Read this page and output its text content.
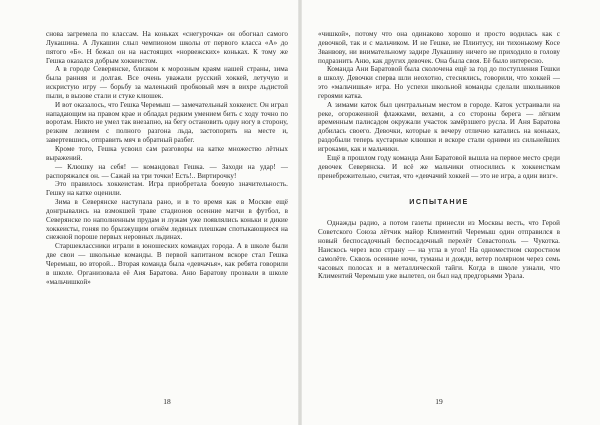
снова загремела по классам. На коньках «снегурочка» он обогнал самого Лукашина. А Лукашин слыл чемпионом школы от первого класса «А» до пятого «Б». Н бежал он на настоящих «норвежских» коньках. К тому же Гешка оказался добрым хоккеистом.

А в городе Северянске, близком к морозным краям нашей страны, зима была ранняя и долгая. Все очень уважали русский хоккей, летучую и искристую игру — борьбу за маленький пробковый мяч в вихре льдистой пыли, в вызове стали и стуке клюшек.

И вот оказалось, что Гешка Черемыш — замечательный хоккеист. Он играл нападающим на правом крае и обладал редким умением бить с ходу точно по воротам. Никто не умел так внезапно, на бегу остановить одну ногу в сторону, резким лезвием с полного разгона льда, застопорить на месте и, завертевшись, отправить мяч в обратный разбег.

Кроме того, Гешка усвоил сам разговоры на катке множество лётных выражений.

— Клюшку на себя! — командовал Гешка. — Заходи на удар! — распоряжался он. — Сажай на три точки! Есть!.. Виртирочку!

Это правилось хоккеистам. Игра приобретала боевую значительность. Гешку на катке оценили.

Зима в Северянске наступала рано, и в то время как в Москве ещё донгрывались на взмокшей траве стадионов осенние матчи в футбол, в Северянске по наполненным прудам и лужам уже появлялись коньки и дикие хоккеисты, гоняя по брызжущим огнём ледяных плешкам спотыкающиеся на снежной пороше первых неровных льдинах.

Старшеклассники играли в юношеских командах города. А в школе были две свои — школьные команды. В первой капитаном вскоре стал Гешка Черемыш, во второй... Вторая команда была «девчачья», как ребята говорили в школе. Организовала её Аня Баратова. Аню Баратову прозвали в школе «мальчишкой»

18

«чишкой», потому что она одинаково хорошо и просто водилась как с девочкой, так и с мальчиком. И не Гешке, не Плинтусу, ни тихонькому Косе Званвову, ни внимательному задире Лукашину ничего не приходило в голову подразнить Аню, как других девочек. Она была своя. Её было интересно.

Команда Ани Баратовой была сколочена ещё за год до поступления Гешки в школу. Девочки сперва шли неохотно, стеснялись, говорили, что хоккей — это «мальчишья» игра. Но успехи школьной команды сделали школьников героями катка.

А зимами каток был центральным местом в городе. Каток устраивали на реке, огороженной флажками, вехами, а со стороны берега — лёгким временным палисадом окружали участок замёрзшего русла. И Аня Баратова добилась своего. Девочки, которые к вечеру отлично катались на коньках, раздобыли теперь кустарные клюшки и вскоре стали одними из сильнейших игроками, как и мальчики.

Ещё в прошлом году команда Ани Баратовой вышла на первое место среди девочек Северянска. И всё же мальчики относились к хоккеисткам пренебрежительно, считая, что «девчачий хоккей — это не игра, а один визг».

ИСПЫТАНИЕ

Однажды радио, а потом газеты принесли из Москвы весть, что Герой Советского Союза лётчик майор Климентий Черемыш один отправился в новый беспосадочный беспосадочный перелёт Севастополь — Чукотка. Наискось через всю страну — на угла в угол! На одноместном скоростном самолёте. Сквозь осенние ночи, туманы и дожди, ветер полярном через семь часовых полосах и в металлической тайги. Когда в школе узнали, что Климентий Черемыш уже вылетел, он был над предгорьями Урала.

19
